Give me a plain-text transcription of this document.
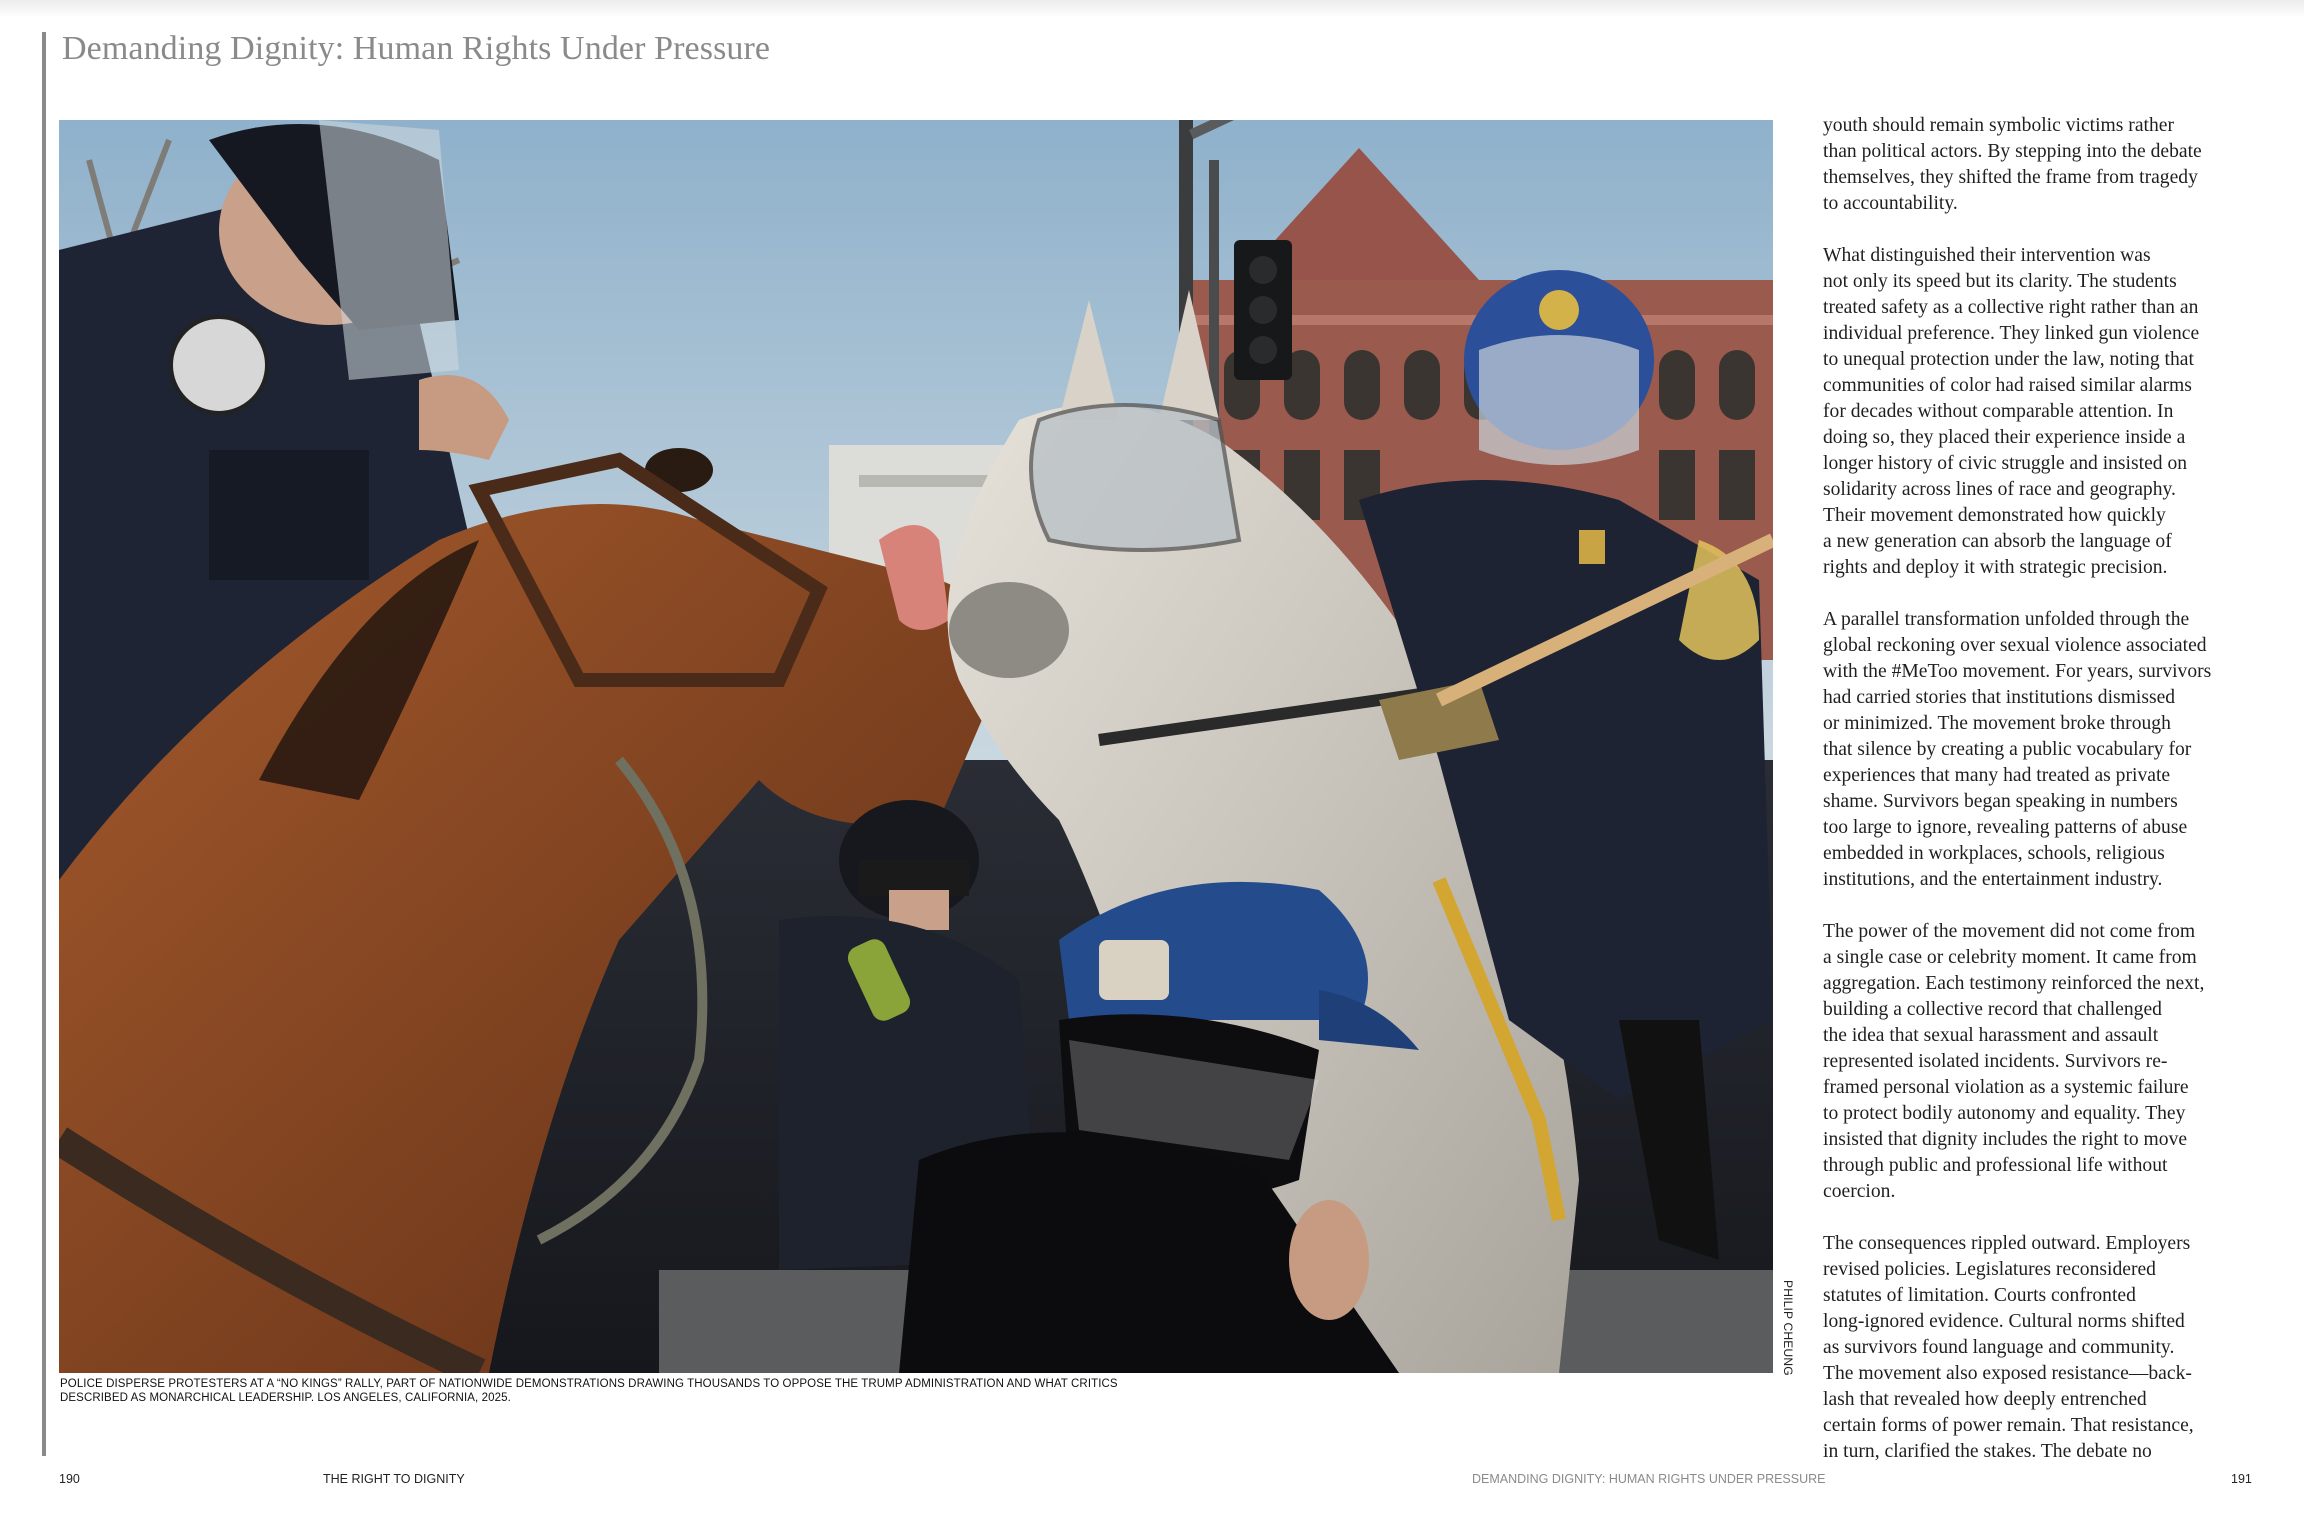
Demanding Dignity: Human Rights Under Pressure
PHILIP CHEUNG
POLICE DISPERSE PROTESTERS AT A “NO KINGS” RALLY, PART OF NATIONWIDE DEMONSTRATIONS DRAWING THOUSANDS TO OPPOSE THE TRUMP ADMINISTRATION AND WHAT CRITICS DESCRIBED AS MONARCHICAL LEADERSHIP. LOS ANGELES, CALIFORNIA, 2025.

youth should remain symbolic victims rather
than political actors. By stepping into the debate
themselves, they shifted the frame from tragedy
to accountability.

What distinguished their intervention was
not only its speed but its clarity. The students
treated safety as a collective right rather than an
individual preference. They linked gun violence
to unequal protection under the law, noting that
communities of color had raised similar alarms
for decades without comparable attention. In
doing so, they placed their experience inside a
longer history of civic struggle and insisted on
solidarity across lines of race and geography.
Their movement demonstrated how quickly
a new generation can absorb the language of
rights and deploy it with strategic precision.

A parallel transformation unfolded through the
global reckoning over sexual violence associated
with the #MeToo movement. For years, survivors
had carried stories that institutions dismissed
or minimized. The movement broke through
that silence by creating a public vocabulary for
experiences that many had treated as private
shame. Survivors began speaking in numbers
too large to ignore, revealing patterns of abuse
embedded in workplaces, schools, religious
institutions, and the entertainment industry.

The power of the movement did not come from
a single case or celebrity moment. It came from
aggregation. Each testimony reinforced the next,
building a collective record that challenged
the idea that sexual harassment and assault
represented isolated incidents. Survivors re-
framed personal violation as a systemic failure
to protect bodily autonomy and equality. They
insisted that dignity includes the right to move
through public and professional life without
coercion.

The consequences rippled outward. Employers
revised policies. Legislatures reconsidered
statutes of limitation. Courts confronted
long-ignored evidence. Cultural norms shifted
as survivors found language and community.
The movement also exposed resistance—back-
lash that revealed how deeply entrenched
certain forms of power remain. That resistance,
in turn, clarified the stakes. The debate no

190	THE RIGHT TO DIGNITY	DEMANDING DIGNITY: HUMAN RIGHTS UNDER PRESSURE	191
